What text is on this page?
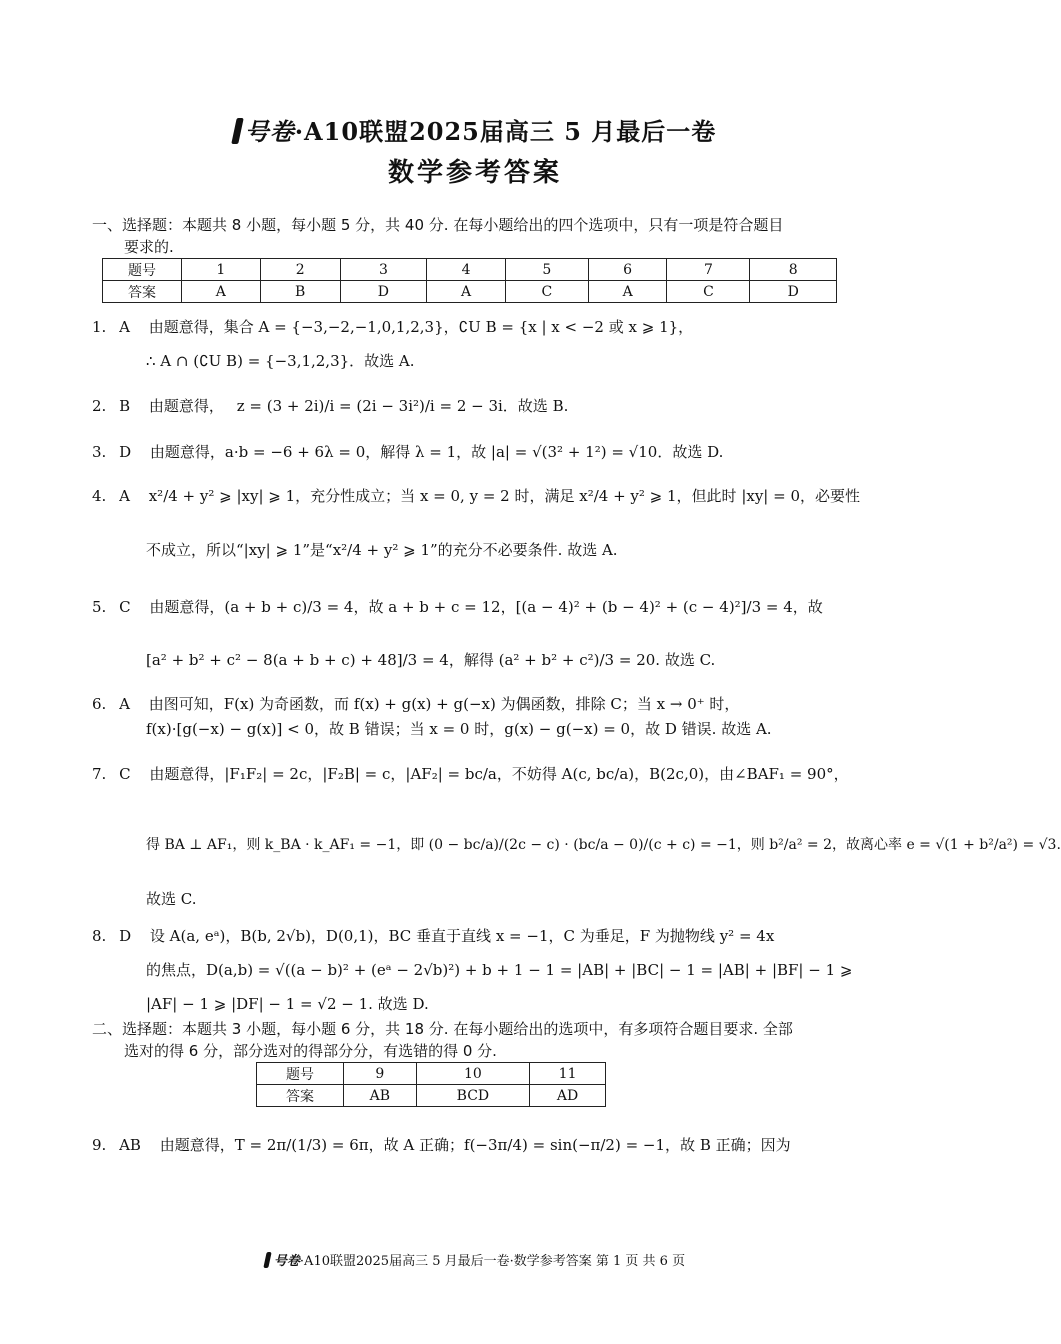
号卷·A10联盟2025届高三 5 月最后一卷
数学参考答案
一、选择题：本题共 8 小题，每小题 5 分，共 40 分. 在每小题给出的四个选项中，只有一项是符合题目
要求的.
题号	1	2	3	4	5	6	7	8
答案	A	B	D	A	C	A	C	D
1. A 由题意得，集合 A = {−3,−2,−1,0,1,2,3}，∁U B = {x | x < −2 或 x ⩾ 1}，
∴ A ∩ (∁U B) = {−3,1,2,3}．故选 A.
2. B 由题意得， z = (3 + 2i)/i = (2i − 3i²)/i = 2 − 3i．故选 B.
3. D 由题意得，a·b = −6 + 6λ = 0，解得 λ = 1，故 |a| = √(3² + 1²) = √10．故选 D.
4. A x²/4 + y² ⩾ |xy| ⩾ 1，充分性成立；当 x = 0, y = 2 时，满足 x²/4 + y² ⩾ 1，但此时 |xy| = 0，必要性
不成立，所以“|xy| ⩾ 1”是“x²/4 + y² ⩾ 1”的充分不必要条件. 故选 A.
5. C 由题意得，(a + b + c)/3 = 4，故 a + b + c = 12，[(a − 4)² + (b − 4)² + (c − 4)²]/3 = 4，故
[a² + b² + c² − 8(a + b + c) + 48]/3 = 4，解得 (a² + b² + c²)/3 = 20. 故选 C.
6. A 由图可知，F(x) 为奇函数，而 f(x) + g(x) + g(−x) 为偶函数，排除 C；当 x → 0⁺ 时，
f(x)·[g(−x) − g(x)] < 0，故 B 错误；当 x = 0 时，g(x) − g(−x) = 0，故 D 错误. 故选 A.
7. C 由题意得，|F₁F₂| = 2c，|F₂B| = c，|AF₂| = bc/a，不妨得 A(c, bc/a)，B(2c,0)，由∠BAF₁ = 90°，
得 BA ⊥ AF₁，则 k_BA · k_AF₁ = −1，即 (0 − bc/a)/(2c − c) · (bc/a − 0)/(c + c) = −1，则 b²/a² = 2，故离心率 e = √(1 + b²/a²) = √3.
故选 C.
8. D 设 A(a, eᵃ)，B(b, 2√b)，D(0,1)，BC 垂直于直线 x = −1，C 为垂足，F 为抛物线 y² = 4x
的焦点，D(a,b) = √((a − b)² + (eᵃ − 2√b)²) + b + 1 − 1 = |AB| + |BC| − 1 = |AB| + |BF| − 1 ⩾
|AF| − 1 ⩾ |DF| − 1 = √2 − 1. 故选 D.
二、选择题：本题共 3 小题，每小题 6 分，共 18 分. 在每小题给出的选项中，有多项符合题目要求. 全部
选对的得 6 分，部分选对的得部分分，有选错的得 0 分.
题号	9	10	11
答案	AB	BCD	AD
9. AB 由题意得，T = 2π/(1/3) = 6π，故 A 正确；f(−3π/4) = sin(−π/2) = −1，故 B 正确；因为
号卷·A10联盟2025届高三 5 月最后一卷·数学参考答案 第 1 页 共 6 页
